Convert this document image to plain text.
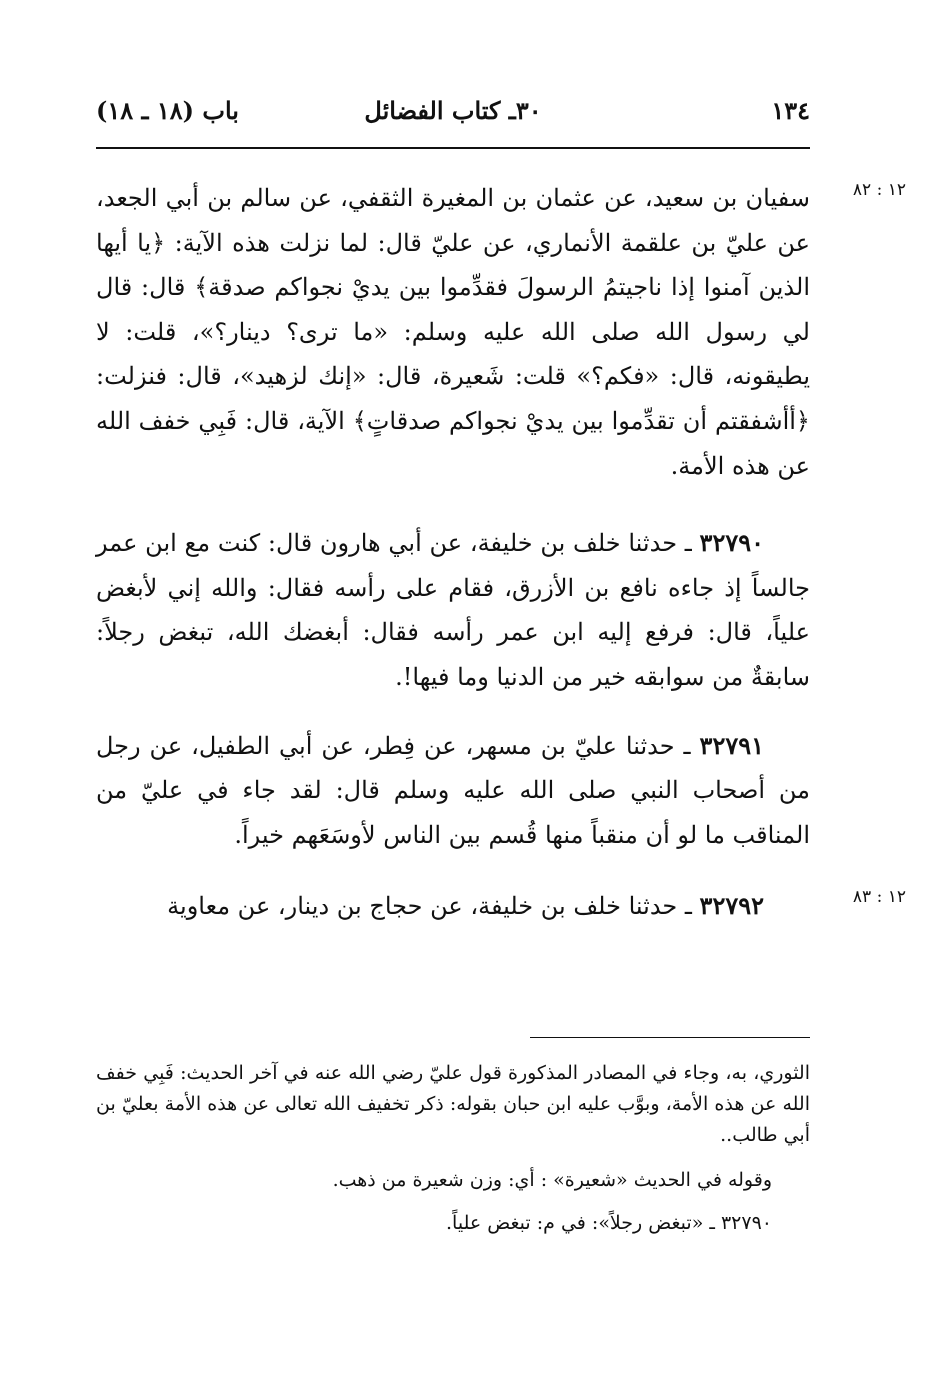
١٣٤
٣٠ـ كتاب الفضائل
باب (١٨ ـ ١٨)
١٢ : ٨٢
١٢ : ٨٣

سفيان بن سعيد، عن عثمان بن المغيرة الثقفي، عن سالم بن أبي الجعد، عن عليّ بن علقمة الأنماري، عن عليّ قال: لما نزلت هذه الآية: ﴿يا أيها الذين آمنوا إذا ناجيتمُ الرسولَ فقدِّموا بين يديْ نجواكم صدقة﴾ قال: قال لي رسول الله صلى الله عليه وسلم: «ما ترى؟ دينار؟»، قلت: لا يطيقونه، قال: «فكم؟» قلت: شَعيرة، قال: «إنك لزهيد»، قال: فنزلت: ﴿أأشفقتم أن تقدِّموا بين يديْ نجواكم صدقاتٍ﴾ الآية، قال: فَبِي خفف الله عن هذه الأمة.

٣٢٧٩٠ ـ حدثنا خلف بن خليفة، عن أبي هارون قال: كنت مع ابن عمر جالساً إذ جاءه نافع بن الأزرق، فقام على رأسه فقال: والله إني لأبغض علياً، قال: فرفع إليه ابن عمر رأسه فقال: أبغضك الله، تبغض رجلاً: سابقةٌ من سوابقه خير من الدنيا وما فيها!.

٣٢٧٩١ ـ حدثنا عليّ بن مسهر، عن فِطر، عن أبي الطفيل، عن رجل من أصحاب النبي صلى الله عليه وسلم قال: لقد جاء في عليّ من المناقب ما لو أن منقباً منها قُسم بين الناس لأوسَعَهم خيراً.

٣٢٧٩٢ ـ حدثنا خلف بن خليفة، عن حجاج بن دينار، عن معاوية

الثوري، به، وجاء في المصادر المذكورة قول عليّ رضي الله عنه في آخر الحديث: فَبِي خفف الله عن هذه الأمة، وبوَّب عليه ابن حبان بقوله: ذكر تخفيف الله تعالى عن هذه الأمة بعليّ بن أبي طالب..

وقوله في الحديث «شعيرة» : أي: وزن شعيرة من ذهب.

٣٢٧٩٠ ـ «تبغض رجلاً»: في م: تبغض علياً.
